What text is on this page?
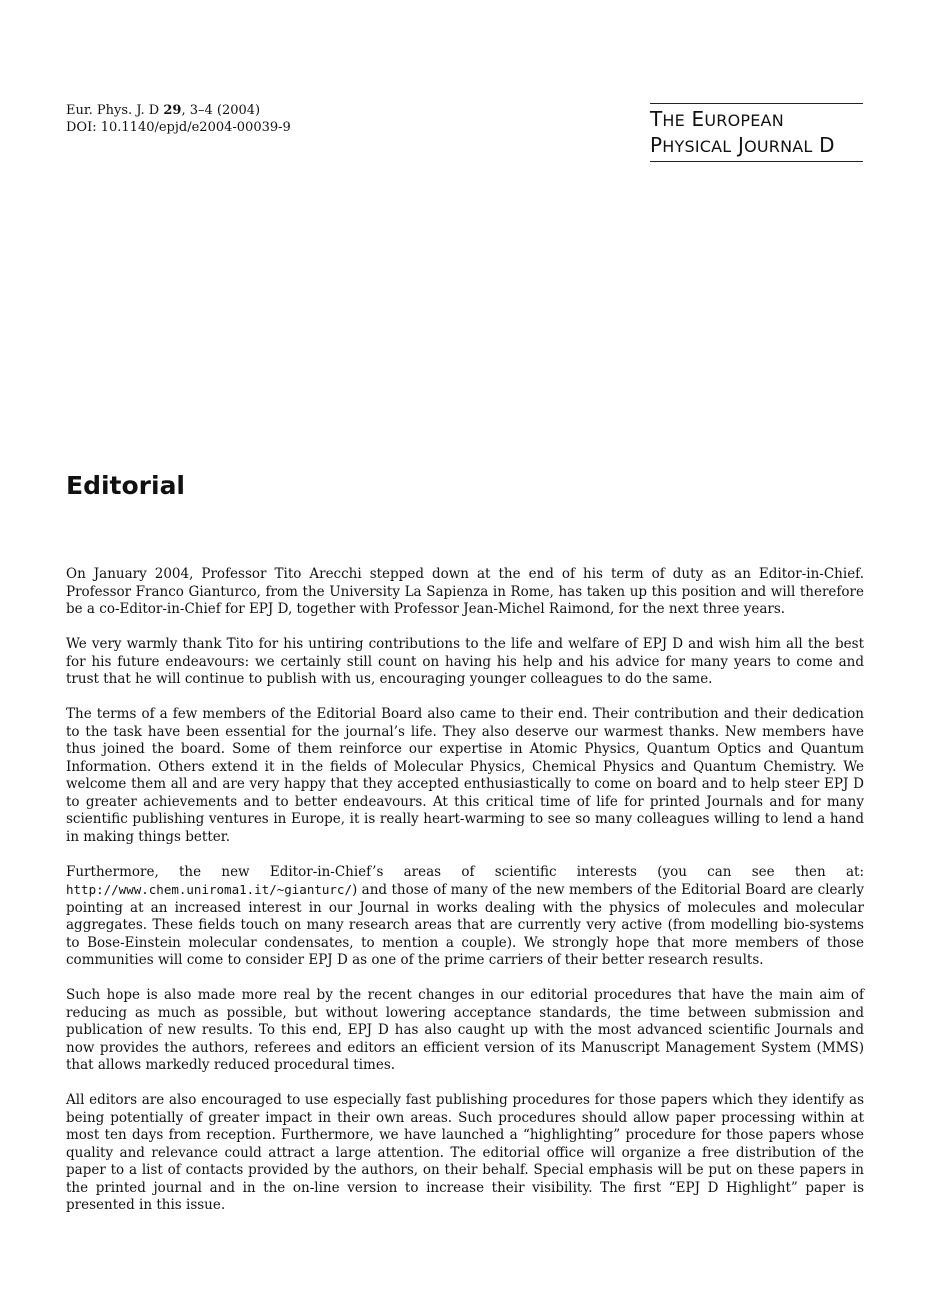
Eur. Phys. J. D 29, 3–4 (2004)
DOI: 10.1140/epjd/e2004-00039-9	THE EUROPEAN
PHYSICAL JOURNAL D
Editorial

On January 2004, Professor Tito Arecchi stepped down at the end of his term of duty as an Editor-in-Chief. Professor Franco Gianturco, from the University La Sapienza in Rome, has taken up this position and will therefore be a co-Editor-in-Chief for EPJ D, together with Professor Jean-Michel Raimond, for the next three years.

We very warmly thank Tito for his untiring contributions to the life and welfare of EPJ D and wish him all the best for his future endeavours: we certainly still count on having his help and his advice for many years to come and trust that he will continue to publish with us, encouraging younger colleagues to do the same.

The terms of a few members of the Editorial Board also came to their end. Their contribution and their dedication to the task have been essential for the journal’s life. They also deserve our warmest thanks. New members have thus joined the board. Some of them reinforce our expertise in Atomic Physics, Quantum Optics and Quantum Information. Others extend it in the fields of Molecular Physics, Chemical Physics and Quantum Chemistry. We welcome them all and are very happy that they accepted enthusiastically to come on board and to help steer EPJ D to greater achievements and to better endeavours. At this critical time of life for printed Journals and for many scientific publishing ventures in Europe, it is really heart-warming to see so many colleagues willing to lend a hand in making things better.

Furthermore, the new Editor-in-Chief’s areas of scientific interests (you can see then at: http://www.chem.uniroma1.it/~gianturc/) and those of many of the new members of the Editorial Board are clearly pointing at an increased interest in our Journal in works dealing with the physics of molecules and molecular aggregates. These fields touch on many research areas that are currently very active (from modelling bio-systems to Bose-Einstein molecular condensates, to mention a couple). We strongly hope that more members of those communities will come to consider EPJ D as one of the prime carriers of their better research results.

Such hope is also made more real by the recent changes in our editorial procedures that have the main aim of reducing as much as possible, but without lowering acceptance standards, the time between submission and publication of new results. To this end, EPJ D has also caught up with the most advanced scientific Journals and now provides the authors, referees and editors an efficient version of its Manuscript Management System (MMS) that allows markedly reduced procedural times.

All editors are also encouraged to use especially fast publishing procedures for those papers which they identify as being potentially of greater impact in their own areas. Such procedures should allow paper processing within at most ten days from reception. Furthermore, we have launched a “highlighting” procedure for those papers whose quality and relevance could attract a large attention. The editorial office will organize a free distribution of the paper to a list of contacts provided by the authors, on their behalf. Special emphasis will be put on these papers in the printed journal and in the on-line version to increase their visibility. The first “EPJ D Highlight” paper is presented in this issue.
